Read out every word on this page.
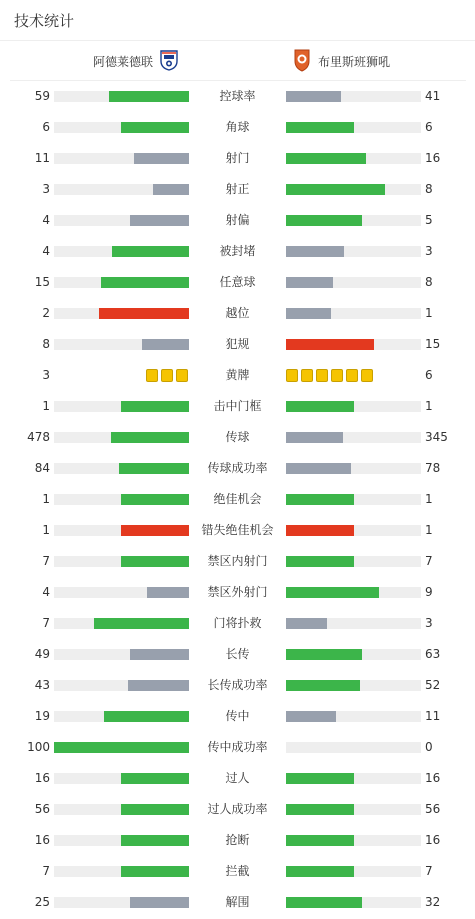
技术统计
阿德莱德联	布里斯班狮吼
59	控球率	41
6	角球	6
11	射门	16
3	射正	8
4	射偏	5
4	被封堵	3
15	任意球	8
2	越位	1
8	犯规	15
3	黄牌	6
1	击中门框	1
478	传球	345
84	传球成功率	78
1	绝佳机会	1
1	错失绝佳机会	1
7	禁区内射门	7
4	禁区外射门	9
7	门将扑救	3
49	长传	63
43	长传成功率	52
19	传中	11
100	传中成功率	0
16	过人	16
56	过人成功率	56
16	抢断	16
7	拦截	7
25	解围	32
